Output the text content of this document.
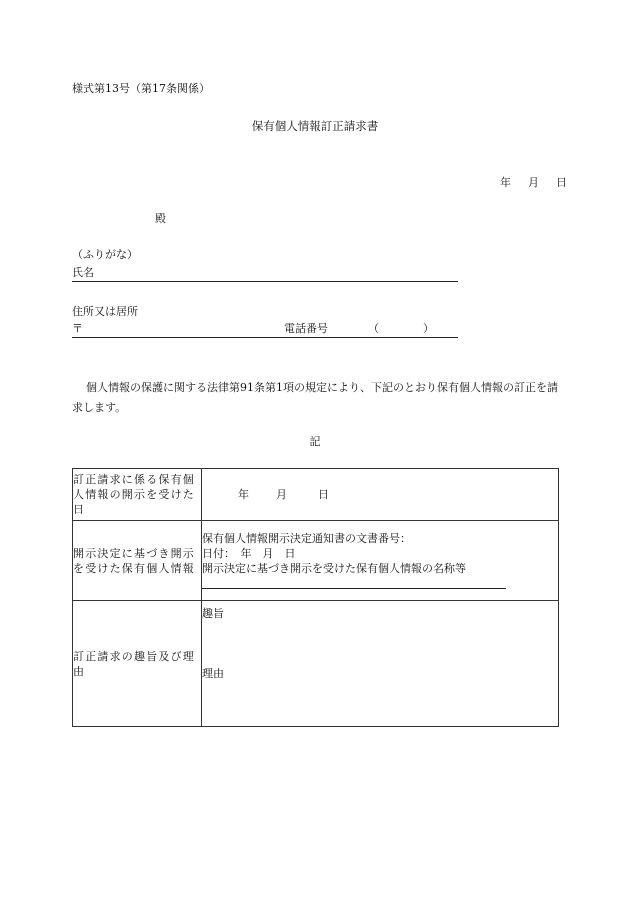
様式第13号（第17条関係）
保有個人情報訂正請求書
年 月 日
殿
（ふりがな）
氏名
住所又は居所
〒	電話番号	（　　　　）
個人情報の保護に関する法律第91条第1項の規定により、下記のとおり保有個人情報の訂正を請求します。
記
訂正請求に係る保有個人情報の開示を受けた日	年 月 日

開示決定に基づき開示を受けた保有個人情報	保有個人情報開示決定通知書の文書番号：
日付：　年　月　日
開示決定に基づき開示を受けた保有個人情報の名称等

訂正請求の趣旨及び理由	趣旨
理由
